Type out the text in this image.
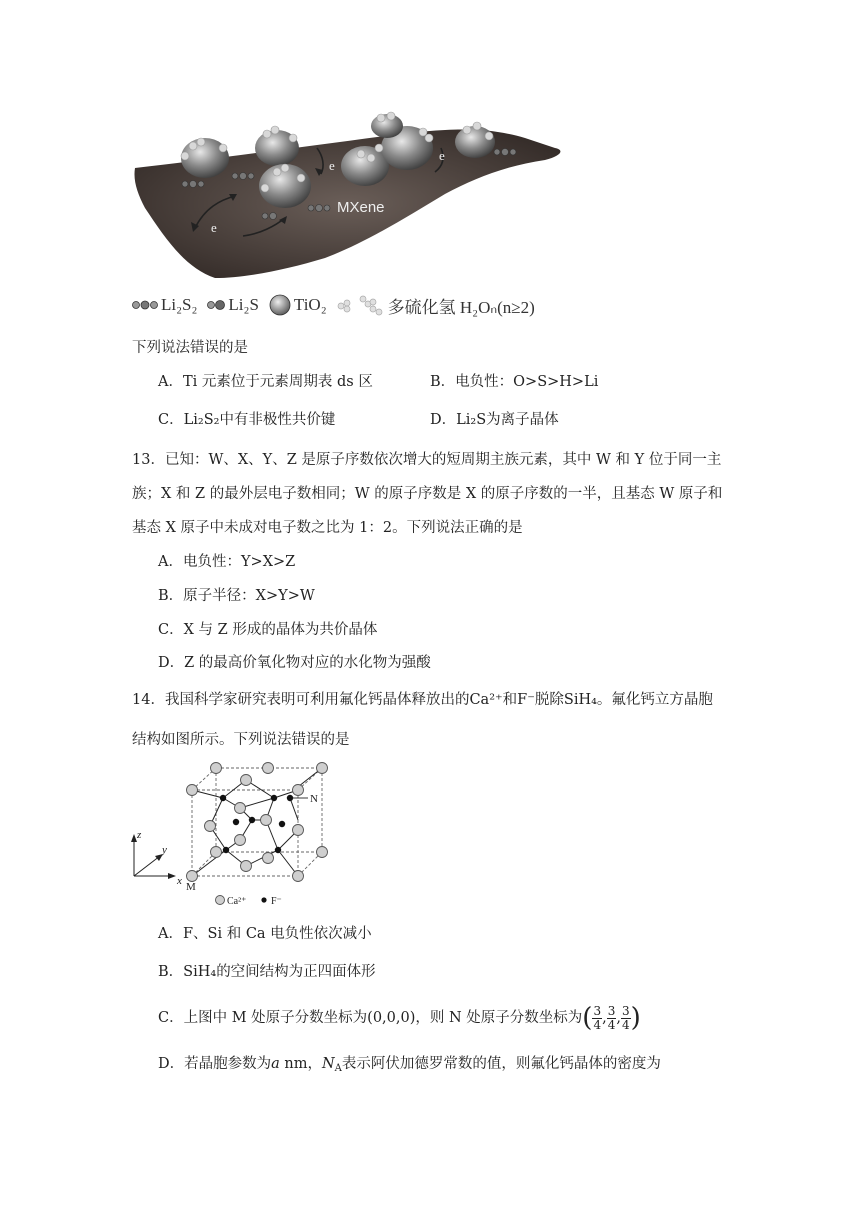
e
e
e
MXene
Li₂S₂ Li₂S TiO₂	多硫化氢 H₂Oₙ(n≥2)
下列说法错误的是
A．Ti 元素位于元素周期表 ds 区	B．电负性：O>S>H>Li
C．Li₂S₂中有非极性共价键	D．Li₂S为离子晶体
13．已知：W、X、Y、Z 是原子序数依次增大的短周期主族元素，其中 W 和 Y 位于同一主
族；X 和 Z 的最外层电子数相同；W 的原子序数是 X 的原子序数的一半，且基态 W 原子和
基态 X 原子中未成对电子数之比为 1：2。下列说法正确的是
A．电负性：Y>X>Z
B．原子半径：X>Y>W
C．X 与 Z 形成的晶体为共价晶体
D．Z 的最高价氧化物对应的水化物为强酸
14．我国科学家研究表明可利用氟化钙晶体释放出的Ca²⁺和F⁻脱除SiH₄。氟化钙立方晶胞
结构如图所示。下列说法错误的是
N
M
z
y
x
Ca²⁺ F⁻
A．F、Si 和 Ca 电负性依次减小
B．SiH₄的空间结构为正四面体形
C．上图中 M 处原子分数坐标为(0,0,0)，则 N 处原子分数坐标为( $\frac{3}{4}$ , $\frac{3}{4}$ , $\frac{3}{4}$ )
D．若晶胞参数为a nm，$N_A$表示阿伏加德罗常数的值，则氟化钙晶体的密度为
